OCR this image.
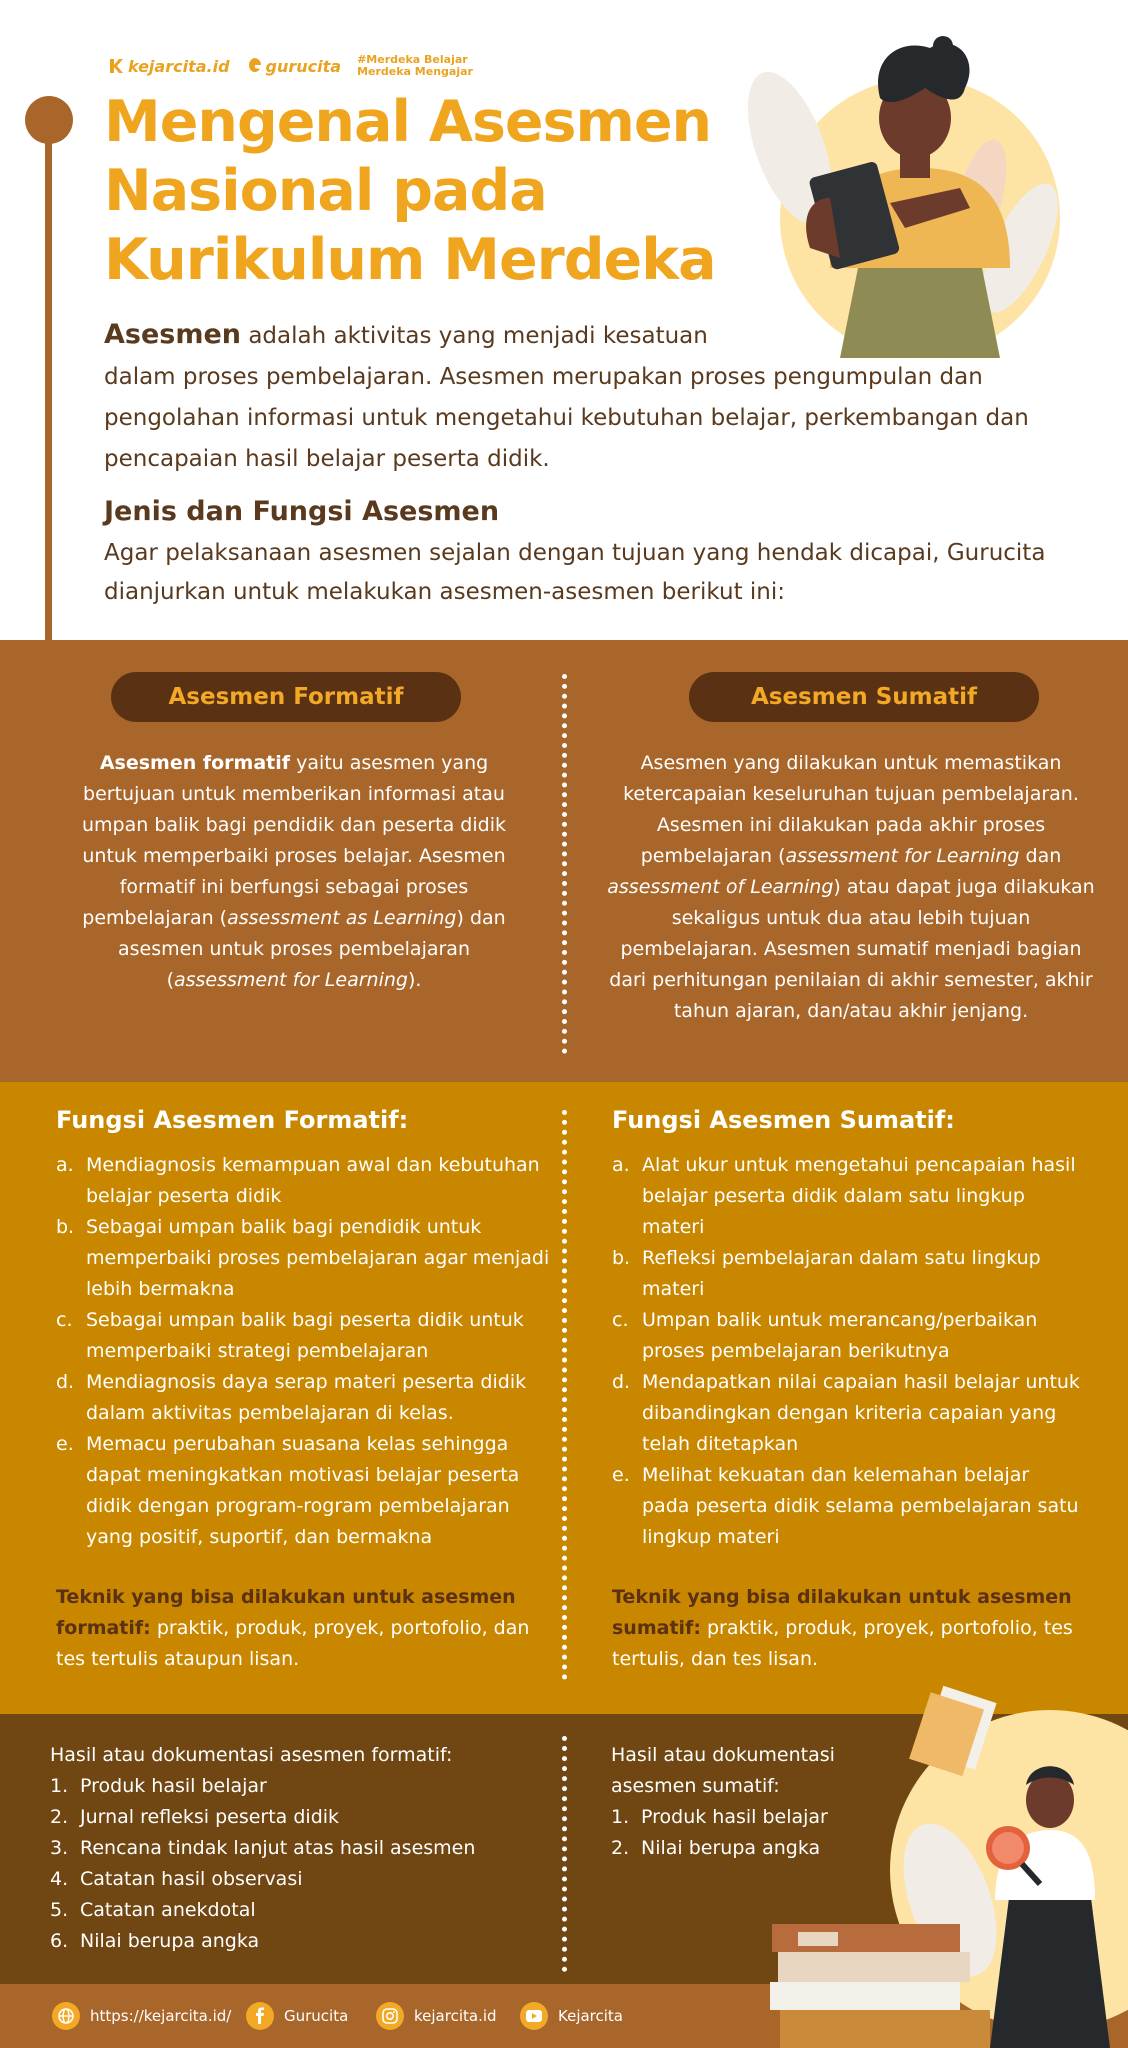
kejarcita.id gurucita #Merdeka Belajar
Merdeka Mengajar
Mengenal Asesmen
Nasional pada
Kurikulum Merdeka
Asesmen adalah aktivitas yang menjadi kesatuan
dalam proses pembelajaran. Asesmen merupakan proses pengumpulan dan pengolahan informasi untuk mengetahui kebutuhan belajar, perkembangan dan pencapaian hasil belajar peserta didik.
Jenis dan Fungsi Asesmen

Agar pelaksanaan asesmen sejalan dengan tujuan yang hendak dicapai, Gurucita dianjurkan untuk melakukan asesmen-asesmen berikut ini:

Asesmen Formatif	Asesmen Sumatif

Asesmen formatif yaitu asesmen yang bertujuan untuk memberikan informasi atau umpan balik bagi pendidik dan peserta didik untuk memperbaiki proses belajar. Asesmen formatif ini berfungsi sebagai proses pembelajaran (assessment as Learning) dan asesmen untuk proses pembelajaran (assessment for Learning).

Asesmen yang dilakukan untuk memastikan ketercapaian keseluruhan tujuan pembelajaran. Asesmen ini dilakukan pada akhir proses pembelajaran (assessment for Learning dan assessment of Learning) atau dapat juga dilakukan sekaligus untuk dua atau lebih tujuan pembelajaran. Asesmen sumatif menjadi bagian dari perhitungan penilaian di akhir semester, akhir tahun ajaran, dan/atau akhir jenjang.

Fungsi Asesmen Formatif:
a. Mendiagnosis kemampuan awal dan kebutuhan belajar peserta didik
b. Sebagai umpan balik bagi pendidik untuk memperbaiki proses pembelajaran agar menjadi lebih bermakna
c. Sebagai umpan balik bagi peserta didik untuk memperbaiki strategi pembelajaran
d. Mendiagnosis daya serap materi peserta didik dalam aktivitas pembelajaran di kelas.
e. Memacu perubahan suasana kelas sehingga dapat meningkatkan motivasi belajar peserta didik dengan program-rogram pembelajaran yang positif, suportif, dan bermakna

Teknik yang bisa dilakukan untuk asesmen formatif: praktik, produk, proyek, portofolio, dan tes tertulis ataupun lisan.

Fungsi Asesmen Sumatif:
a. Alat ukur untuk mengetahui pencapaian hasil belajar peserta didik dalam satu lingkup materi
b. Refleksi pembelajaran dalam satu lingkup materi
c. Umpan balik untuk merancang/perbaikan proses pembelajaran berikutnya
d. Mendapatkan nilai capaian hasil belajar untuk dibandingkan dengan kriteria capaian yang telah ditetapkan
e. Melihat kekuatan dan kelemahan belajar pada peserta didik selama pembelajaran satu lingkup materi

Teknik yang bisa dilakukan untuk asesmen sumatif: praktik, produk, proyek, portofolio, tes tertulis, dan tes lisan.

Hasil atau dokumentasi asesmen formatif:

1. Produk hasil belajar
2. Jurnal refleksi peserta didik
3. Rencana tindak lanjut atas hasil asesmen
4. Catatan hasil observasi
5. Catatan anekdotal
6. Nilai berupa angka

Hasil atau dokumentasi asesmen sumatif:

1. Produk hasil belajar
2. Nilai berupa angka
https://kejarcita.id/	Gurucita	kejarcita.id	Kejarcita
